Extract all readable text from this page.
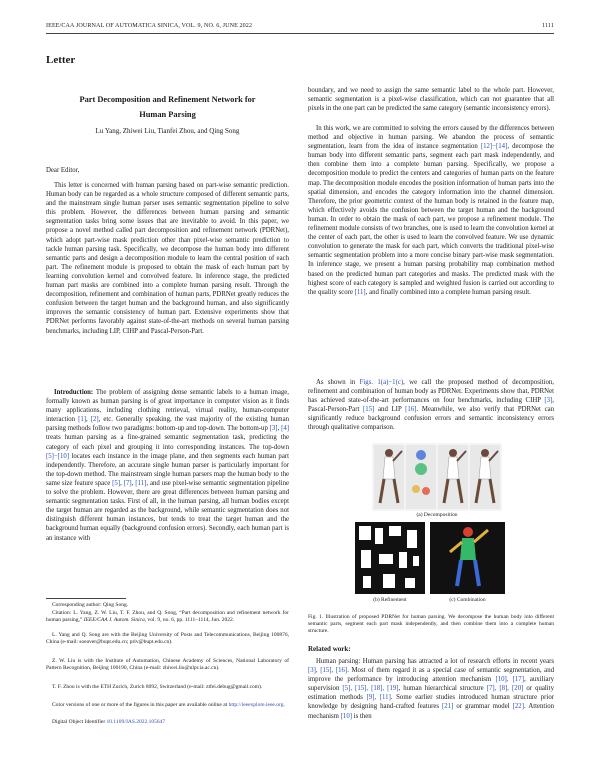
IEEE/CAA JOURNAL OF AUTOMATICA SINICA, VOL. 9, NO. 6, JUNE 2022	1111
Letter
Part Decomposition and Refinement Network for
Human Parsing
Lu Yang, Zhiwei Liu, Tianfei Zhou, and Qing Song

Dear Editor,

This letter is concerned with human parsing based on part-wise semantic prediction. Human body can be regarded as a whole structure composed of different semantic parts, and the mainstream single human parser uses semantic segmentation pipeline to solve this problem. However, the differences between human parsing and semantic segmentation tasks bring some issues that are inevitable to avoid. In this paper, we propose a novel method called part decomposition and refinement network (PDRNet), which adopt part-wise mask prediction other than pixel-wise semantic prediction to tackle human parsing task. Specifically, we decompose the human body into different semantic parts and design a decomposition module to learn the central position of each part. The refinement module is proposed to obtain the mask of each human part by learning convolution kernel and convolved feature. In inference stage, the predicted human part masks are combined into a complete human parsing result. Through the decomposition, refinement and combination of human parts, PDRNet greatly reduces the confusion between the target human and the background human, and also significantly improves the semantic consistency of human part. Extensive experiments show that PDRNet performs favorably against state-of-the-art methods on several human parsing benchmarks, including LIP, CIHP and Pascal-Person-Part.

Introduction: The problem of assigning dense semantic labels to a human image, formally known as human parsing is of great importance in computer vision as it finds many applications, including clothing retrieval, virtual reality, human-computer interaction [1], [2], etc. Generally speaking, the vast majority of the existing human parsing methods follow two paradigms: bottom-up and top-down. The bottom-up [3], [4] treats human parsing as a fine-grained semantic segmentation task, predicting the category of each pixel and grouping it into corresponding instances. The top-down [5]−[10] locates each instance in the image plane, and then segments each human part independently. Therefore, an accurate single human parser is particularly important for the top-down method. The mainstream single human parsers map the human body to the same size feature space [5], [7], [11], and use pixel-wise semantic segmentation pipeline to solve the problem. However, there are great differences between human parsing and semantic segmentation tasks. First of all, in the human parsing, all human bodies except the target human are regarded as the background, while semantic segmentation does not distinguish different human instances, but tends to treat the target human and the background human equally (background confusion errors). Secondly, each human part is an instance with

Corresponding author: Qing Song.

Citation: L. Yang, Z. W. Liu, T. F. Zhou, and Q. Song, “Part decomposition and refinement network for human parsing,” IEEE/CAA J. Autom. Sinica, vol. 9, no. 6, pp. 1111–1114, Jun. 2022.

L. Yang and Q. Song are with the Beijing University of Posts and Telecommunications, Beijing 100876, China (e-mail: soeaver@bupt.edu.cn; priv@bupt.edu.cn).

Z. W. Liu is with the Institute of Automation, Chinese Academy of Sciences, National Laboratory of Pattern Recognition, Beijing 100190, China (e-mail: zhiwei.liu@nlpr.ia.ac.cn).

T. F. Zhou is with the ETH Zurich, Zurich 8092, Switzerland (e-mail: ztfei.debug@gmail.com).

Color versions of one or more of the figures in this paper are available online at http://ieeexplore.ieee.org.

Digital Object Identifier 10.1109/JAS.2022.105647

boundary, and we need to assign the same semantic label to the whole part. However, semantic segmentation is a pixel-wise classification, which can not guarantee that all pixels in the one part can be predicted the same category (semantic inconsistency errors).

In this work, we are committed to solving the errors caused by the differences between method and objective in human parsing. We abandon the process of semantic segmentation, learn from the idea of instance segmentation [12]−[14], decompose the human body into different semantic parts, segment each part mask independently, and then combine them into a complete human parsing. Specifically, we propose a decomposition module to predict the centers and categories of human parts on the feature map. The decomposition module encodes the position information of human parts into the spatial dimension, and encodes the category information into the channel dimension. Therefore, the prior geometric context of the human body is retained in the feature map, which effectively avoids the confusion between the target human and the background human. In order to obtain the mask of each part, we propose a refinement module. The refinement module consists of two branches, one is used to learn the convolution kernel at the center of each part, the other is used to learn the convolved feature. We use dynamic convolution to generate the mask for each part, which converts the traditional pixel-wise semantic segmentation problem into a more concise binary part-wise mask segmentation. In inference stage, we present a human parsing probability map combination method based on the predicted human part categories and masks. The predicted mask with the highest score of each category is sampled and weighted fusion is carried out according to the quality score [11], and finally combined into a complete human parsing result.

As shown in Figs. 1(a)−1(c), we call the proposed method of decomposition, refinement and combination of human body as PDRNet. Experiments show that, PDRNet has achieved state-of-the-art performances on four benchmarks, including CIHP [3], Pascal-Person-Part [15] and LIP [16]. Meanwhile, we also verify that PDRNet can significantly reduce background confusion errors and semantic inconsistency errors through qualitative comparison.

(a) Decomposition
(b) Refinement	(c) Combination

Fig. 1. Illustration of proposed PDRNet for human parsing. We decompose the human body into different semantic parts, segment each part mask independently, and then combine them into a complete human structure.

Related work:

Human parsing: Human parsing has attracted a lot of research efforts in recent years [3], [15], [16]. Most of them regard it as a special case of semantic segmentation, and improve the performance by introducing attention mechanism [10], [17], auxiliary supervision [5], [15], [18], [19], human hierarchical structure [7], [8], [20] or quality estimation methods [9], [11]. Some earlier studies introduced human structure prior knowledge by designing hand-crafted features [21] or grammar model [22]. Attention mechanism [10] is then
